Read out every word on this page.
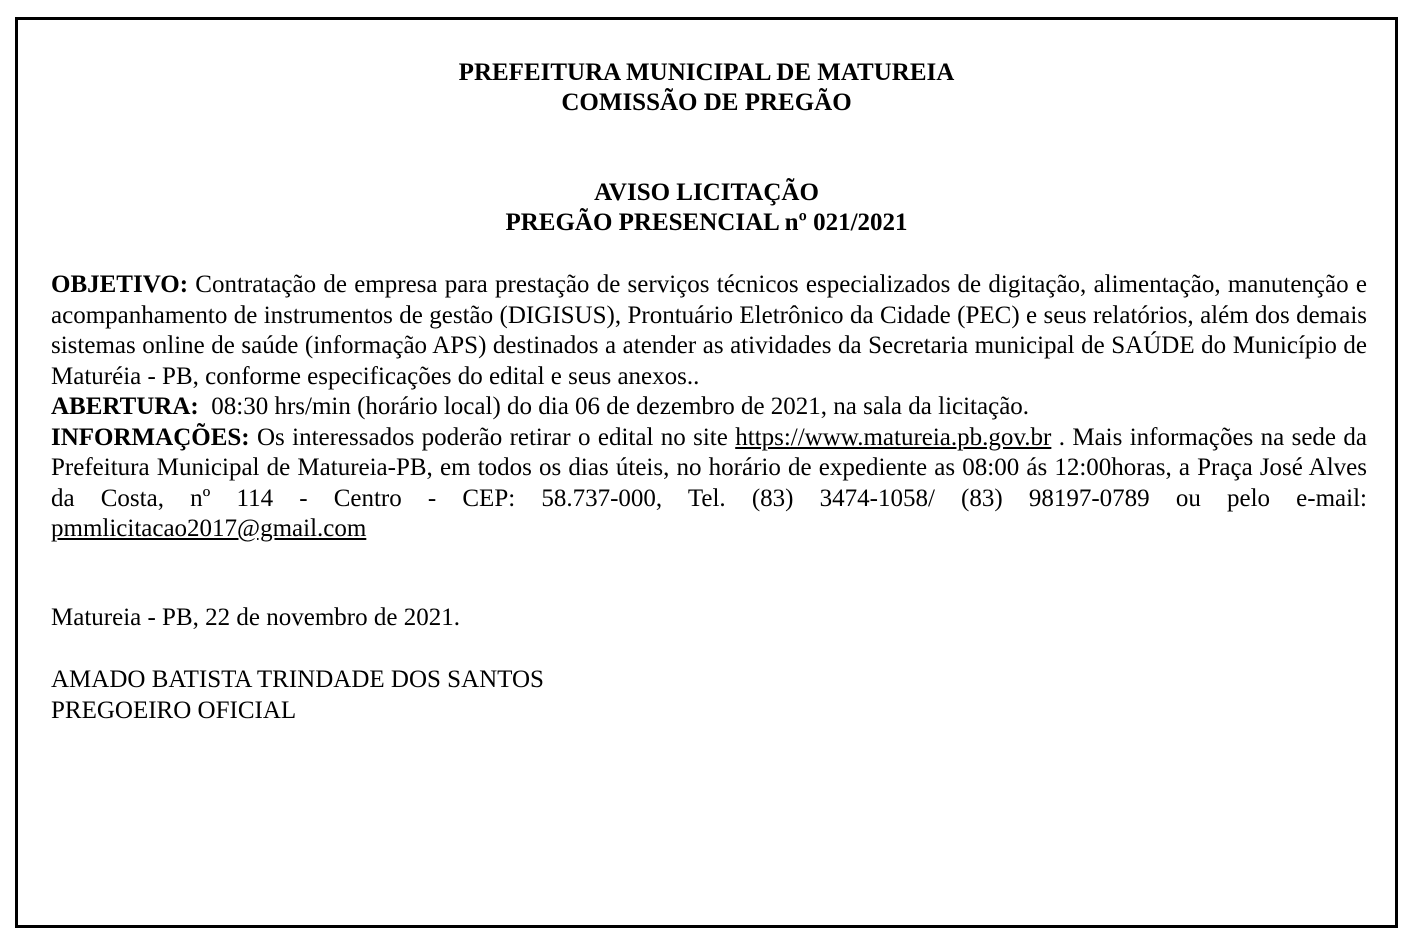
PREFEITURA MUNICIPAL DE MATUREIA
COMISSÃO DE PREGÃO
AVISO LICITAÇÃO
PREGÃO PRESENCIAL nº 021/2021

OBJETIVO: Contratação de empresa para prestação de serviços técnicos especializados de digitação, alimentação, manutenção e acompanhamento de instrumentos de gestão (DIGISUS), Prontuário Eletrônico da Cidade (PEC) e seus relatórios, além dos demais sistemas online de saúde (informação APS) destinados a atender as atividades da Secretaria municipal de SAÚDE do Município de Maturéia - PB, conforme especificações do edital e seus anexos..

ABERTURA:  08:30 hrs/min (horário local) do dia 06 de dezembro de 2021, na sala da licitação.

INFORMAÇÕES: Os interessados poderão retirar o edital no site https://www.matureia.pb.gov.br . Mais informações na sede da Prefeitura Municipal de Matureia-PB, em todos os dias úteis, no horário de expediente as 08:00 ás 12:00horas, a Praça José Alves da Costa, nº 114 - Centro - CEP: 58.737-000, Tel. (83) 3474-1058/ (83) 98197-0789 ou pelo e-mail: pmmlicitacao2017@gmail.com

Matureia - PB, 22 de novembro de 2021.
AMADO BATISTA TRINDADE DOS SANTOS
PREGOEIRO OFICIAL
